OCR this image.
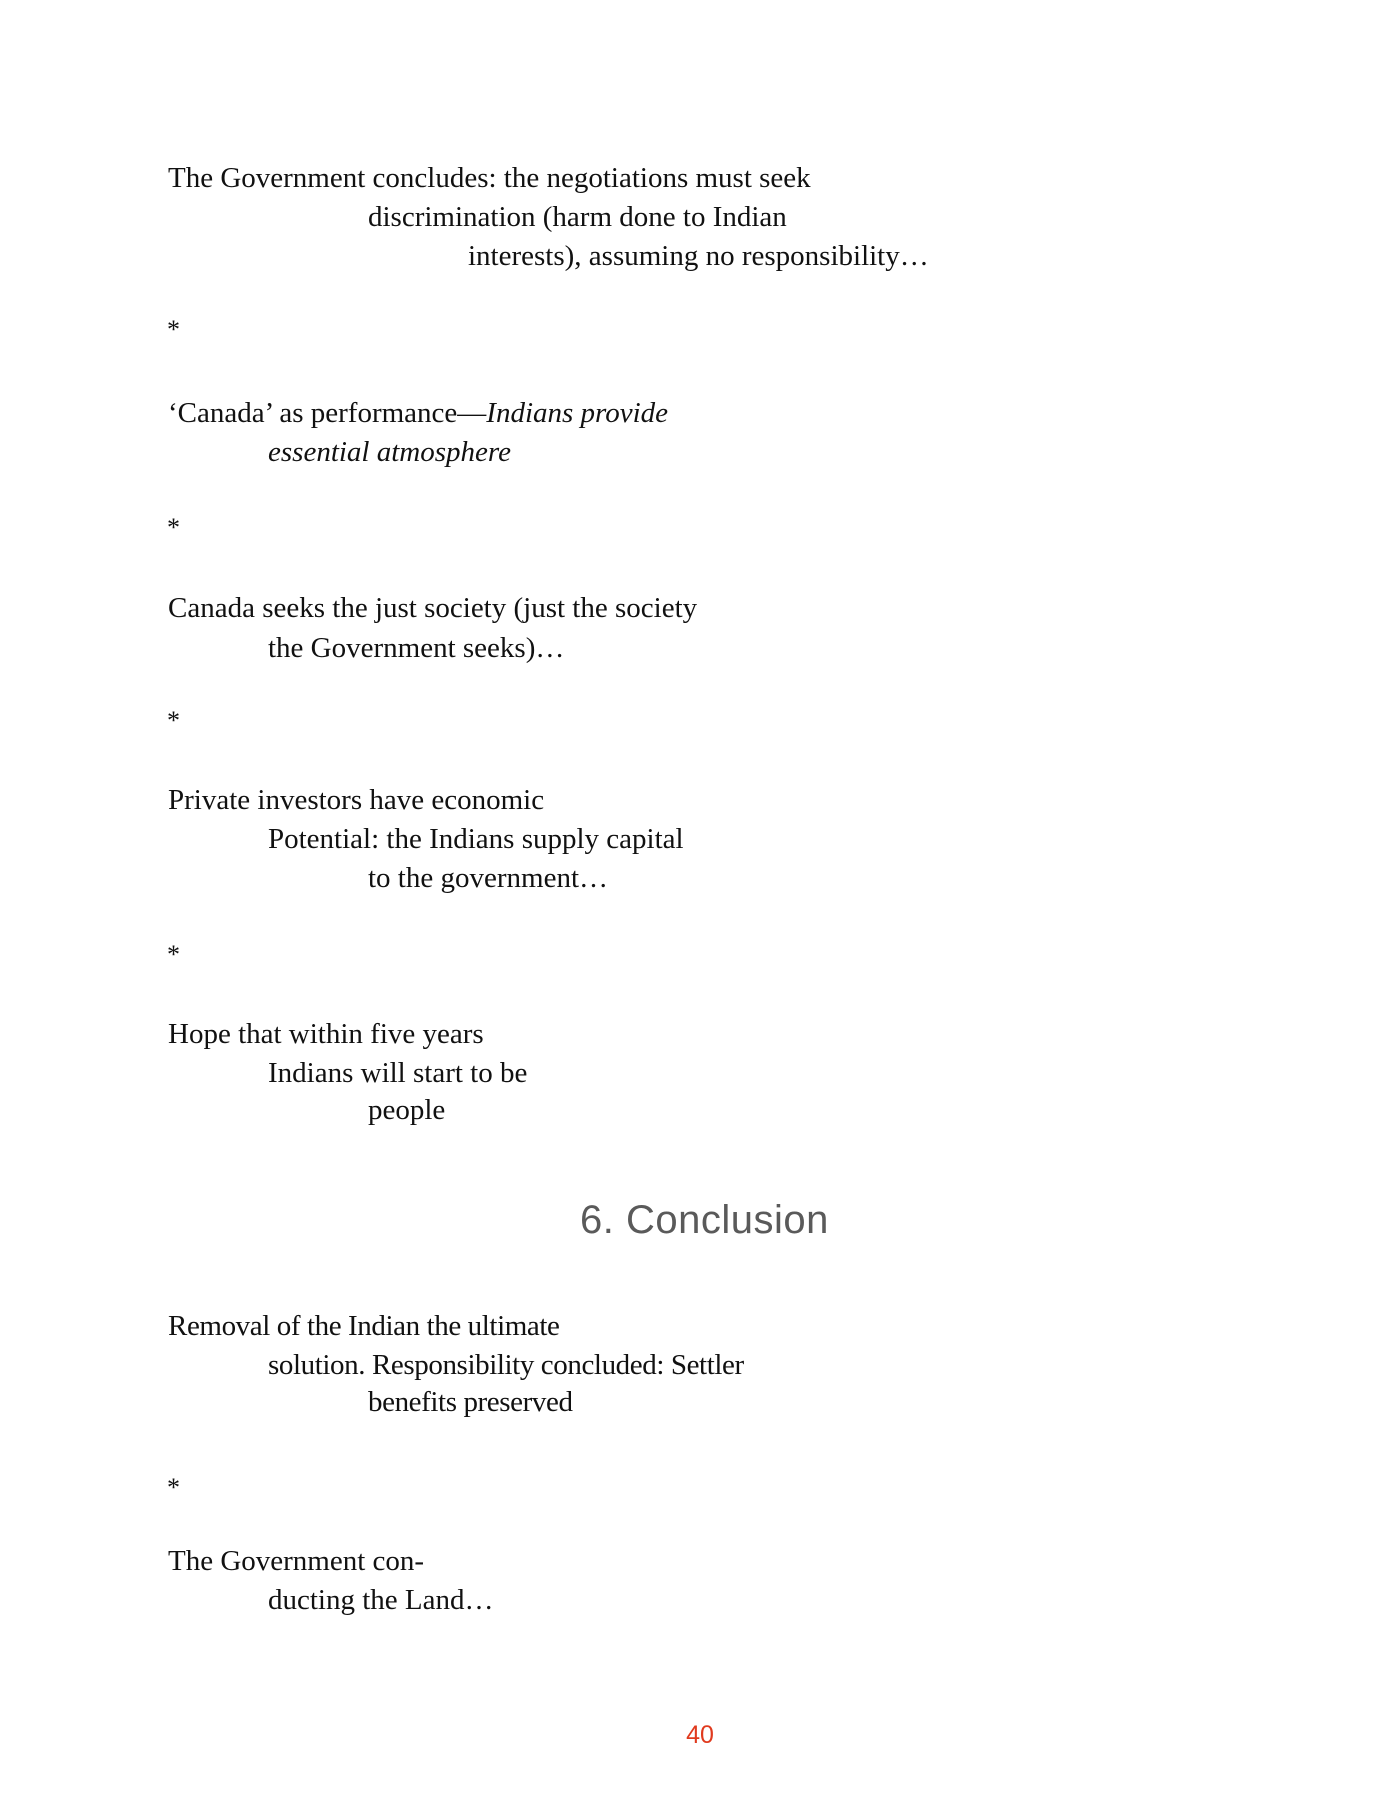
The Government concludes: the negotiations must seek
discrimination (harm done to Indian
interests), assuming no responsibility…
*
‘Canada’ as performance—Indians provide
essential atmosphere
*
Canada seeks the just society (just the society
the Government seeks)…
*
Private investors have economic
Potential: the Indians supply capital
to the government…
*
Hope that within five years
Indians will start to be
people
6. Conclusion
Removal of the Indian the ultimate
solution. Responsibility concluded: Settler
benefits preserved
*
The Government con-
ducting the Land…
40
